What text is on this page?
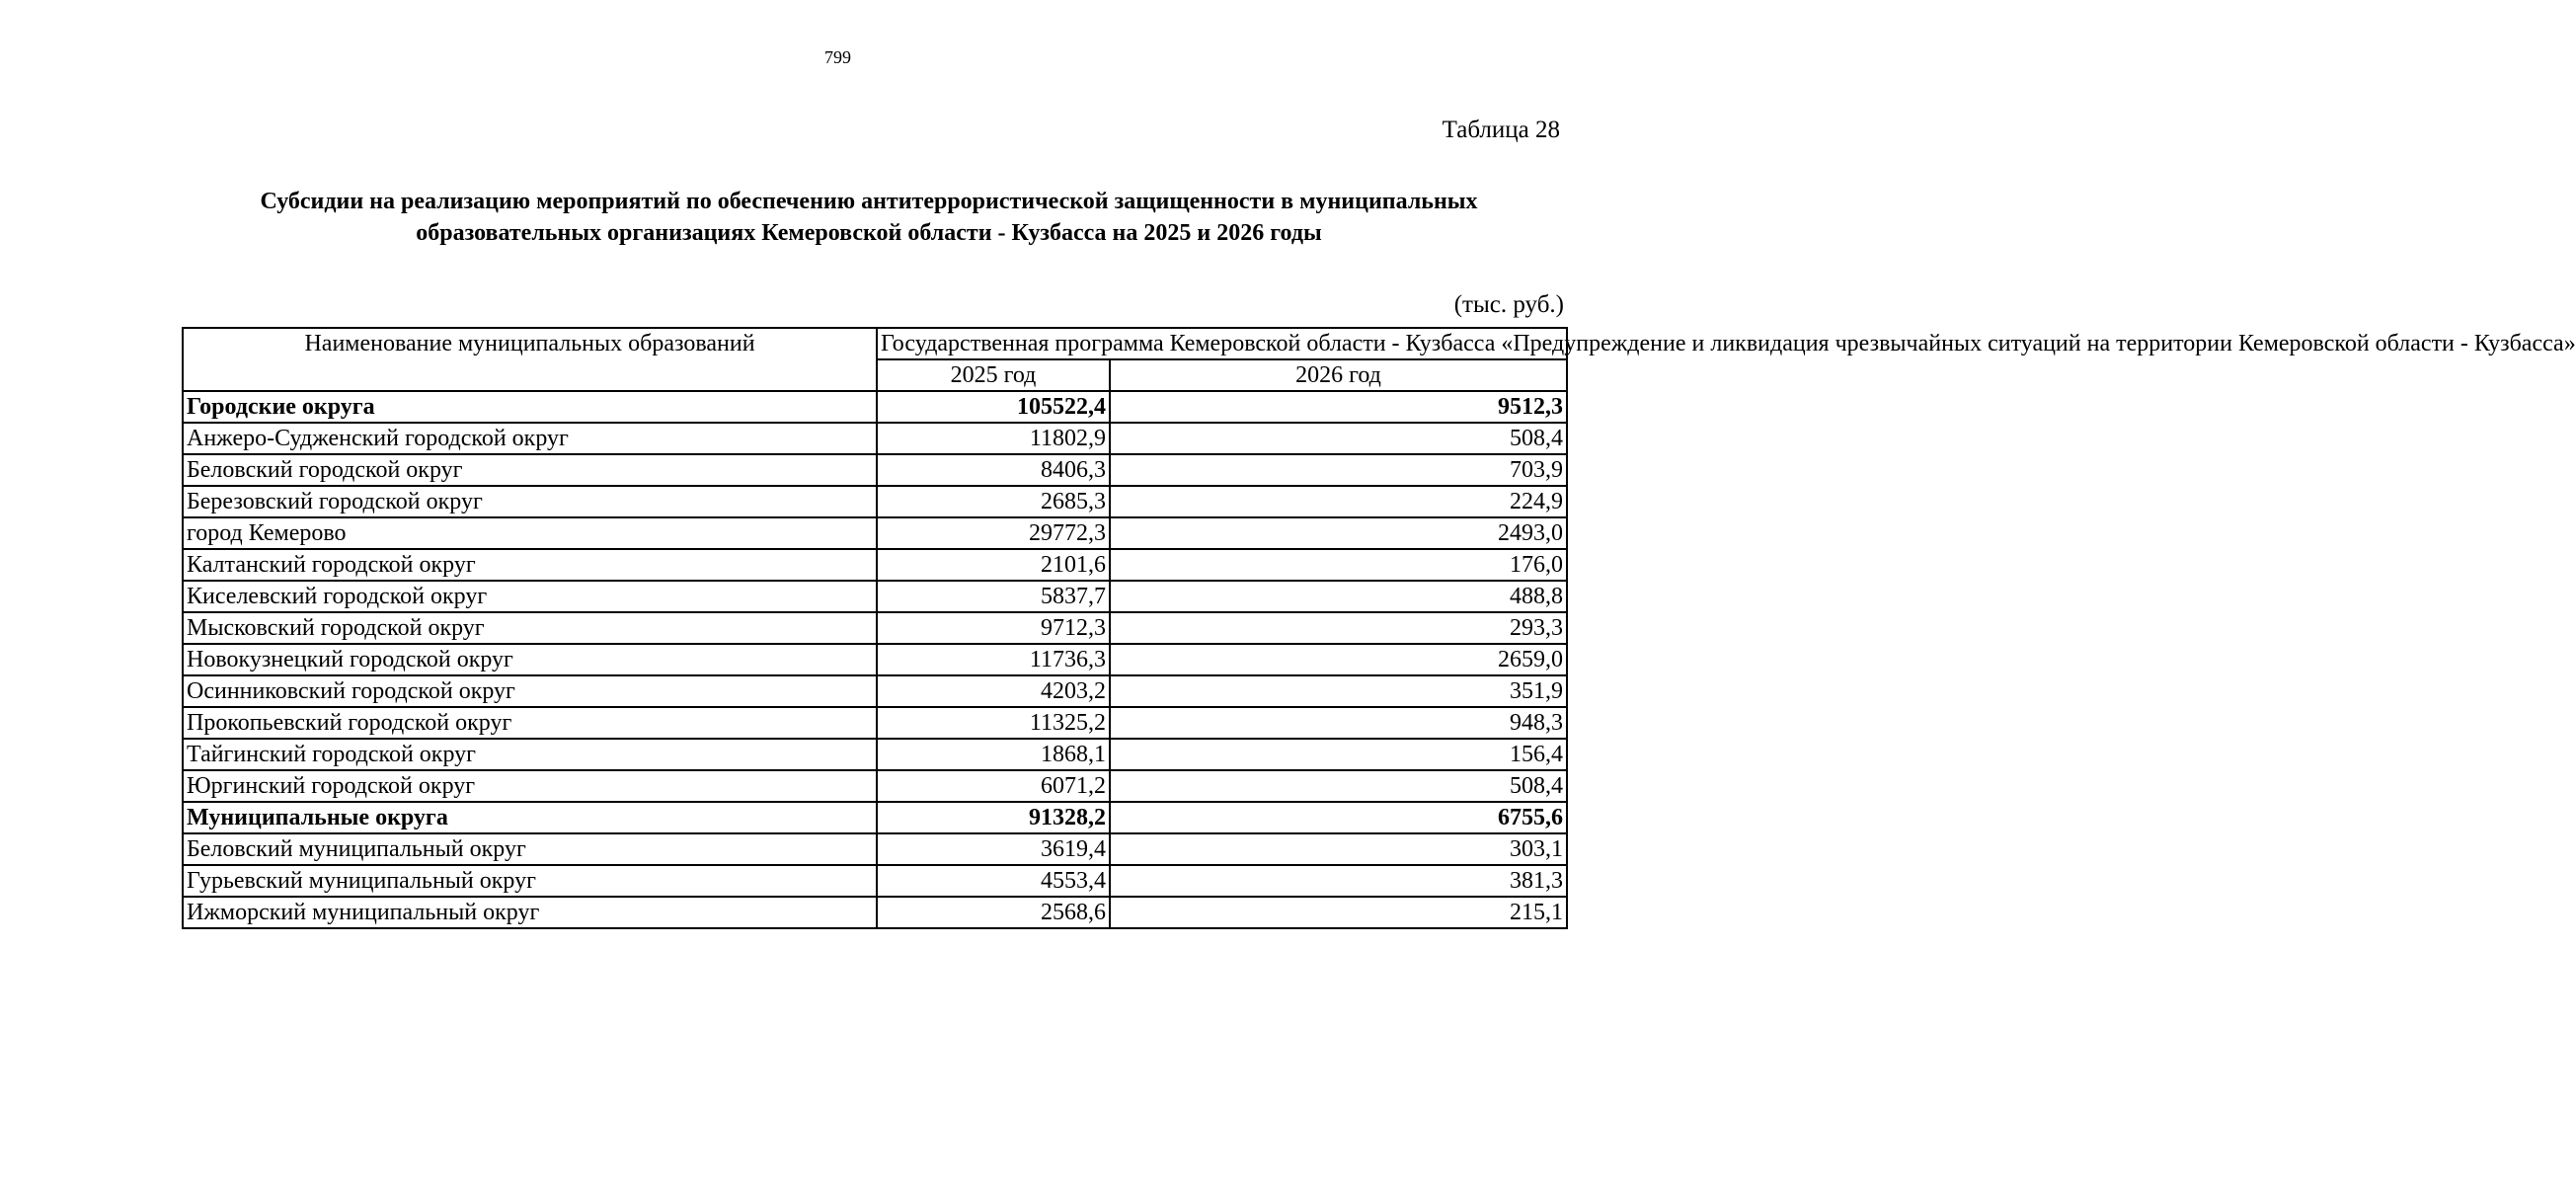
799
Таблица 28
Субсидии на реализацию мероприятий по обеспечению антитеррористической защищенности в муниципальных образовательных организациях Кемеровской области - Кузбасса на 2025 и 2026 годы
(тыс. руб.)
Наименование муниципальных образований	Государственная программа Кемеровской области - Кузбасса «Предупреждение и ликвидация чрезвычайных ситуаций на территории Кемеровской области - Кузбасса»	
	2025 год	2026 год
Городские округа	105522,4	9512,3
Анжеро-Судженский городской округ	11802,9	508,4
Беловский городской округ	8406,3	703,9
Березовский городской округ	2685,3	224,9
город Кемерово	29772,3	2493,0
Калтанский городской округ	2101,6	176,0
Киселевский городской округ	5837,7	488,8
Мысковский городской округ	9712,3	293,3
Новокузнецкий городской округ	11736,3	2659,0
Осинниковский городской округ	4203,2	351,9
Прокопьевский городской округ	11325,2	948,3
Тайгинский городской округ	1868,1	156,4
Юргинский городской округ	6071,2	508,4
Муниципальные округа	91328,2	6755,6
Беловский муниципальный округ	3619,4	303,1
Гурьевский муниципальный округ	4553,4	381,3
Ижморский муниципальный округ	2568,6	215,1
